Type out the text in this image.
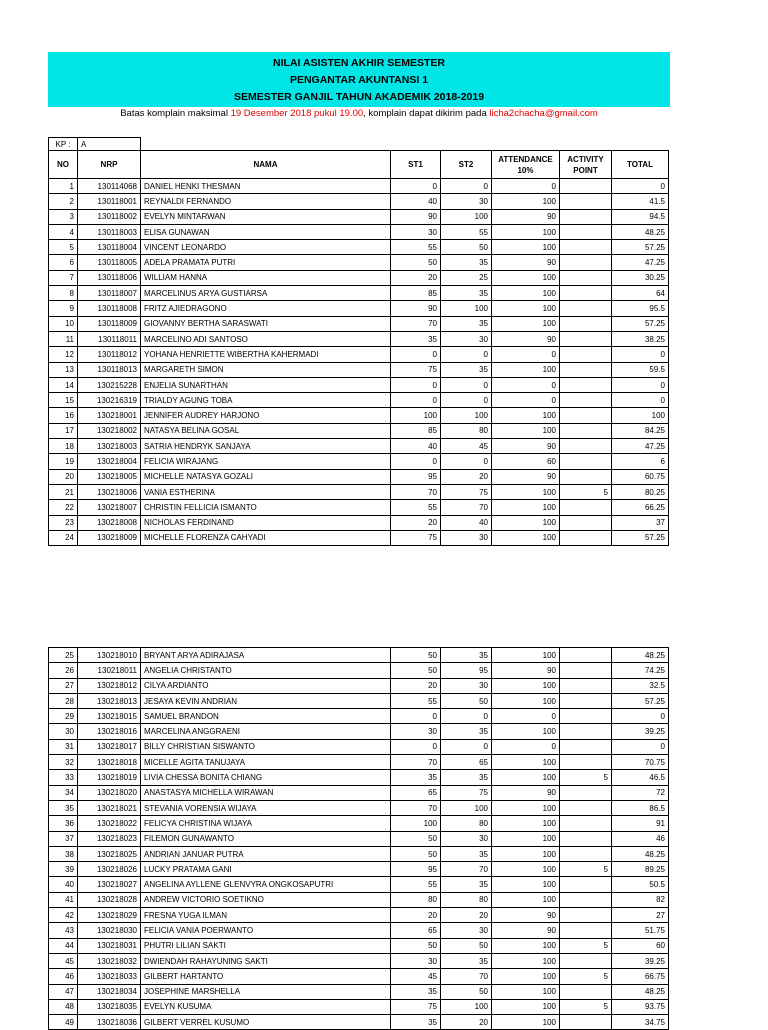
NILAI ASISTEN AKHIR SEMESTER
PENGANTAR AKUNTANSI 1
SEMESTER GANJIL TAHUN AKADEMIK 2018-2019
Batas komplain maksimal 19 Desember 2018 pukul 19.00, komplain dapat dikirim pada licha2chacha@gmail.com
KP :	A						
NO	NRP	NAMA	ST1	ST2	ATTENDANCE 10%	ACTIVITY POINT	TOTAL
1	130114068	DANIEL HENKI THESMAN	0	0	0		0
2	130118001	REYNALDI FERNANDO	40	30	100		41.5
3	130118002	EVELYN MINTARWAN	90	100	90		94.5
4	130118003	ELISA GUNAWAN	30	55	100		48.25
5	130118004	VINCENT LEONARDO	55	50	100		57.25
6	130118005	ADELA PRAMATA PUTRI	50	35	90		47.25
7	130118006	WILLIAM HANNA	20	25	100		30.25
8	130118007	MARCELINUS ARYA GUSTIARSA	85	35	100		64
9	130118008	FRITZ AJIEDRAGONO	90	100	100		95.5
10	130118009	GIOVANNY BERTHA SARASWATI	70	35	100		57.25
11	130118011	MARCELINO ADI SANTOSO	35	30	90		38.25
12	130118012	YOHANA HENRIETTE WIBERTHA KAHERMADI	0	0	0		0
13	130118013	MARGARETH SIMON	75	35	100		59.5
14	130215228	ENJELIA SUNARTHAN	0	0	0		0
15	130216319	TRIALDY AGUNG TOBA	0	0	0		0
16	130218001	JENNIFER AUDREY HARJONO	100	100	100		100
17	130218002	NATASYA BELINA GOSAL	85	80	100		84.25
18	130218003	SATRIA HENDRYK SANJAYA	40	45	90		47.25
19	130218004	FELICIA WIRAJANG	0	0	60		6
20	130218005	MICHELLE NATASYA GOZALI	95	20	90		60.75
21	130218006	VANIA ESTHERINA	70	75	100	5	80.25
22	130218007	CHRISTIN FELLICIA ISMANTO	55	70	100		66.25
23	130218008	NICHOLAS FERDINAND	20	40	100		37
24	130218009	MICHELLE FLORENZA CAHYADI	75	30	100		57.25
25	130218010	BRYANT ARYA ADIRAJASA	50	35	100		48.25
26	130218011	ANGELIA CHRISTANTO	50	95	90		74.25
27	130218012	CILYA ARDIANTO	20	30	100		32.5
28	130218013	JESAYA KEVIN ANDRIAN	55	50	100		57.25
29	130218015	SAMUEL BRANDON	0	0	0		0
30	130218016	MARCELINA ANGGRAENI	30	35	100		39.25
31	130218017	BILLY CHRISTIAN SISWANTO	0	0	0		0
32	130218018	MICELLE AGITA TANUJAYA	70	65	100		70.75
33	130218019	LIVIA CHESSA BONITA CHIANG	35	35	100	5	46.5
34	130218020	ANASTASYA MICHELLA WIRAWAN	65	75	90		72
35	130218021	STEVANIA VORENSIA WIJAYA	70	100	100		86.5
36	130218022	FELICYA CHRISTINA WIJAYA	100	80	100		91
37	130218023	FILEMON GUNAWANTO	50	30	100		46
38	130218025	ANDRIAN JANUAR PUTRA	50	35	100		48.25
39	130218026	LUCKY PRATAMA GANI	95	70	100	5	89.25
40	130218027	ANGELINA AYLLENE GLENVYRA ONGKOSAPUTRI	55	35	100		50.5
41	130218028	ANDREW VICTORIO SOETIKNO	80	80	100		82
42	130218029	FRESNA YUGA ILMAN	20	20	90		27
43	130218030	FELICIA VANIA POERWANTO	65	30	90		51.75
44	130218031	PHUTRI LILIAN SAKTI	50	50	100	5	60
45	130218032	DWIENDAH RAHAYUNING SAKTI	30	35	100		39.25
46	130218033	GILBERT HARTANTO	45	70	100	5	66.75
47	130218034	JOSEPHINE MARSHELLA	35	50	100		48.25
48	130218035	EVELYN KUSUMA	75	100	100	5	93.75
49	130218036	GILBERT VERREL KUSUMO	35	20	100		34.75
